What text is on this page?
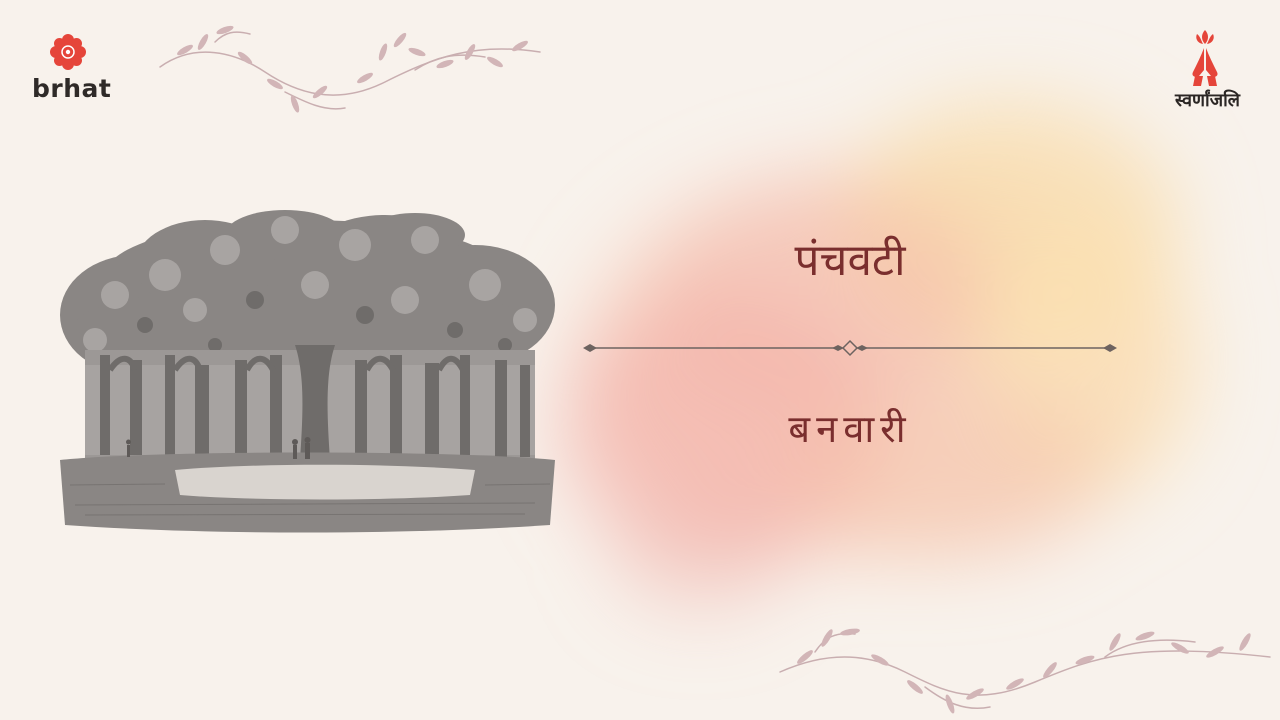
brhat	स्वर्णांजलि
पंचवटी
बनवारी
